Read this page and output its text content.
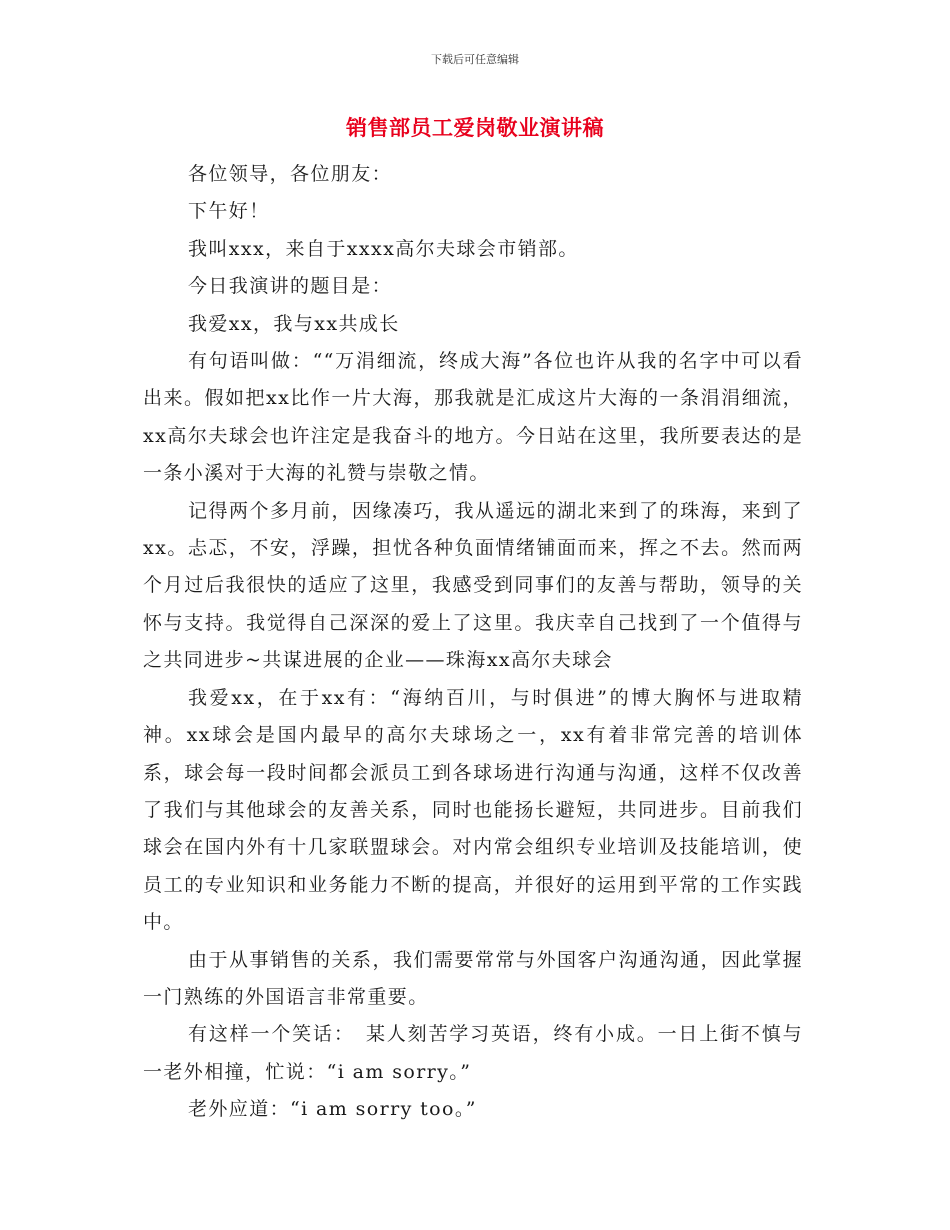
下载后可任意编辑
销售部员工爱岗敬业演讲稿

各位领导，各位朋友：

下午好！

我叫xxx，来自于xxxx高尔夫球会市销部。

今日我演讲的题目是：

我爱xx，我与xx共成长

有句语叫做：““万涓细流，终成大海”各位也许从我的名字中可以看出来。假如把xx比作一片大海，那我就是汇成这片大海的一条涓涓细流，xx高尔夫球会也许注定是我奋斗的地方。今日站在这里，我所要表达的是一条小溪对于大海的礼赞与崇敬之情。

记得两个多月前，因缘凑巧，我从遥远的湖北来到了的珠海，来到了xx。忐忑，不安，浮躁，担忧各种负面情绪铺面而来，挥之不去。然而两个月过后我很快的适应了这里，我感受到同事们的友善与帮助，领导的关怀与支持。我觉得自己深深的爱上了这里。我庆幸自己找到了一个值得与之共同进步~共谋进展的企业——珠海xx高尔夫球会

我爱xx，在于xx有：“海纳百川，与时俱进”的博大胸怀与进取精神。xx球会是国内最早的高尔夫球场之一，xx有着非常完善的培训体系，球会每一段时间都会派员工到各球场进行沟通与沟通，这样不仅改善了我们与其他球会的友善关系，同时也能扬长避短，共同进步。目前我们球会在国内外有十几家联盟球会。对内常会组织专业培训及技能培训，使员工的专业知识和业务能力不断的提高，并很好的运用到平常的工作实践中。

由于从事销售的关系，我们需要常常与外国客户沟通沟通，因此掌握一门熟练的外国语言非常重要。

有这样一个笑话：　某人刻苦学习英语，终有小成。一日上街不慎与一老外相撞，忙说：“i am sorry。”

老外应道：“i am sorry too。”
